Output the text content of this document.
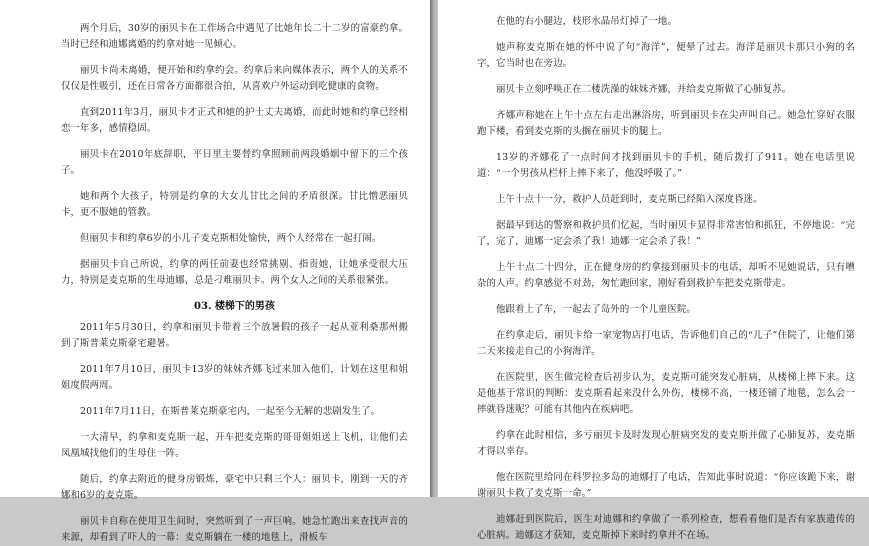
两个月后，30岁的丽贝卡在工作场合中遇见了比她年长二十二岁的富豪约拿。当时已经和迪娜离婚的约拿对她一见倾心。

丽贝卡尚未离婚，便开始和约拿约会。约拿后来向媒体表示，两个人的关系不仅仅是性吸引，还在日常各方面都很合拍，从喜欢户外运动到吃健康的食物。

直到2011年3月，丽贝卡才正式和她的护士丈夫离婚，而此时她和约拿已经相恋一年多，感情稳固。

丽贝卡在2010年底辞职，平日里主要替约拿照顾前两段婚姻中留下的三个孩子。

她和两个大孩子，特别是约拿的大女儿甘比之间的矛盾很深。甘比憎恶丽贝卡，更不服她的管教。

但丽贝卡和约拿6岁的小儿子麦克斯相处愉快，两个人经常在一起打闹。

据丽贝卡自己所说，约拿的两任前妻也经常挑剔、指责她，让她承受很大压力，特别是麦克斯的生母迪娜，总是刁难丽贝卡。两个女人之间的关系很紧张。

03. 楼梯下的男孩

2011年5月30日，约拿和丽贝卡带着三个放暑假的孩子一起从亚利桑那州搬到了斯普莱克斯豪宅避暑。

2011年7月10日，丽贝卡13岁的妹妹齐娜飞过来加入他们，计划在这里和姐姐度假两周。

2011年7月11日，在斯普莱克斯豪宅内，一起至今无解的悲剧发生了。

一大清早，约拿和麦克斯一起，开车把麦克斯的哥哥姐姐送上飞机，让他们去凤凰城找他们的生母住一阵。

随后，约拿去附近的健身房锻炼，豪宅中只剩三个人：丽贝卡，刚到一天的齐娜和6岁的麦克斯。

丽贝卡自称在使用卫生间时，突然听到了一声巨响。她急忙跑出来查找声音的来源，却看到了吓人的一幕：麦克斯躺在一楼的地毯上，滑板车

在他的右小腿边，枝形水晶吊灯掉了一地。

她声称麦克斯在她的怀中说了句“海洋”，便晕了过去。海洋是丽贝卡那只小狗的名字，它当时也在旁边。

丽贝卡立刻呼唤正在二楼洗澡的妹妹齐娜，并给麦克斯做了心肺复苏。

齐娜声称她在上午十点左右走出淋浴房，听到丽贝卡在尖声叫自己。她急忙穿好衣服跑下楼，看到麦克斯的头搁在丽贝卡的腿上。

13岁的齐娜花了一点时间才找到丽贝卡的手机，随后拨打了911。她在电话里说道：“一个男孩从栏杆上摔下来了，他没呼吸了。”

上午十点十一分，救护人员赶到时，麦克斯已经陷入深度昏迷。

据最早到达的警察和救护员们忆起，当时丽贝卡显得非常害怕和抓狂，不停地说：“完了，完了，迪娜一定会杀了我！迪娜一定会杀了我！”

上午十点二十四分，正在健身房的约拿接到丽贝卡的电话，却听不见她说话，只有嘈杂的人声。约拿感觉不对劲，匆忙跑回家，刚好看到救护车把麦克斯带走。

他跟着上了车，一起去了岛外的一个儿童医院。

在约拿走后，丽贝卡给一家宠物店打电话，告诉他们自己的“儿子”住院了，让他们第二天来接走自己的小狗海洋。

在医院里，医生做完检查后初步认为，麦克斯可能突发心脏病，从楼梯上摔下来。这是他基于常识的判断：麦克斯看起来没什么外伤，楼梯不高，一楼还铺了地毯，怎么会一摔就昏迷呢？可能有其他内在疾病吧。

约拿在此时相信，多亏丽贝卡及时发现心脏病突发的麦克斯并做了心肺复苏，麦克斯才得以幸存。

他在医院里给同在科罗拉多岛的迪娜打了电话，告知此事时说道：“你应该跪下来，谢谢丽贝卡救了麦克斯一命。”

迪娜赶到医院后，医生对迪娜和约拿做了一系列检查，想看看他们是否有家族遗传的心脏病。迪娜这才获知，麦克斯掉下来时约拿并不在场。
